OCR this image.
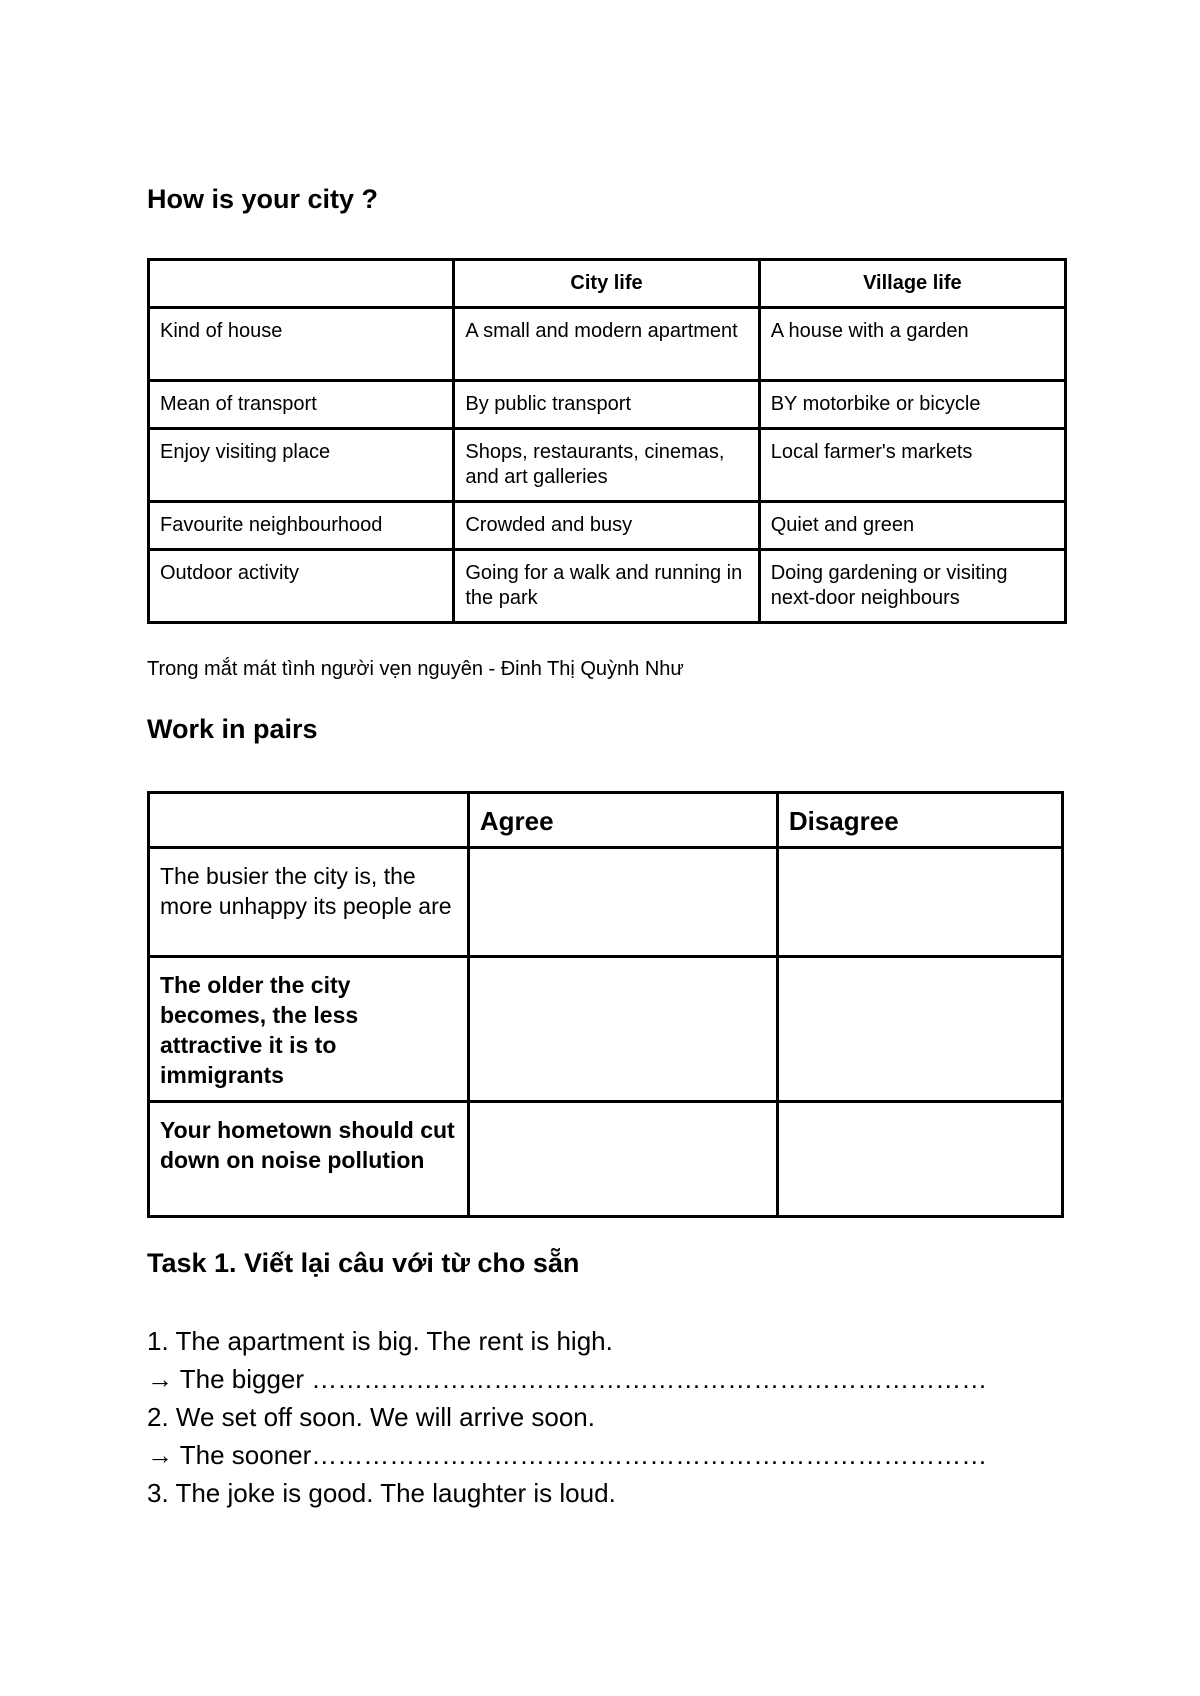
How is your city ?
	City life	Village life
Kind of house	A small and modern apartment	A house with a garden
Mean of transport	By public transport	BY motorbike or bicycle
Enjoy visiting place	Shops, restaurants, cinemas, and art galleries	Local farmer's markets
Favourite neighbourhood	Crowded and busy	Quiet and green
Outdoor activity	Going for a walk and running in the park	Doing gardening or visiting next-door neighbours

Trong mắt mát tình người vẹn nguyên - Đinh Thị Quỳnh Như

Work in pairs
	Agree	Disagree
The busier the city is, the more unhappy its people are		
The older the city becomes, the less attractive it is to immigrants		
Your hometown should cut down on noise pollution		
Task 1. Viết lại câu với từ cho sẵn

1. The apartment is big. The rent is high.

→ The bigger ……………………………………………………………………

2. We set off soon. We will arrive soon.

→ The sooner……………………………………………………………………

3. The joke is good. The laughter is loud.
